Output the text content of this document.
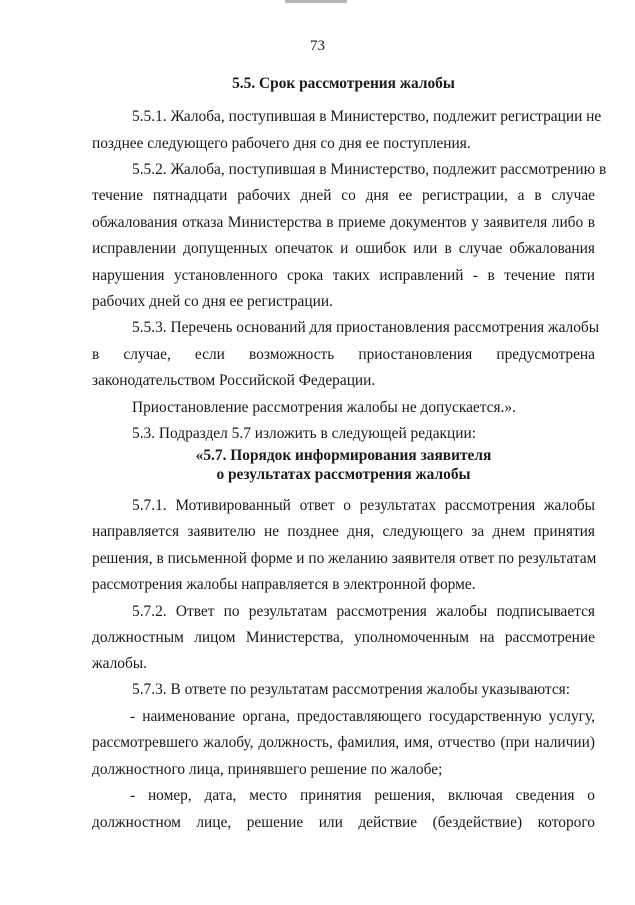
73
5.5. Срок рассмотрения жалобы
5.5.1. Жалоба, поступившая в Министерство, подлежит регистрации не
позднее следующего рабочего дня со дня ее поступления.
5.5.2. Жалоба, поступившая в Министерство, подлежит рассмотрению в
течение пятнадцати рабочих дней со дня ее регистрации, а в случае
обжалования отказа Министерства в приеме документов у заявителя либо в
исправлении допущенных опечаток и ошибок или в случае обжалования
нарушения установленного срока таких исправлений - в течение пяти
рабочих дней со дня ее регистрации.
5.5.3. Перечень оснований для приостановления рассмотрения жалобы
в случае, если возможность приостановления предусмотрена
законодательством Российской Федерации.
Приостановление рассмотрения жалобы не допускается.».
5.3. Подраздел 5.7 изложить в следующей редакции:
«5.7. Порядок информирования заявителя
о результатах рассмотрения жалобы
5.7.1. Мотивированный ответ о результатах рассмотрения жалобы
направляется заявителю не позднее дня, следующего за днем принятия
решения, в письменной форме и по желанию заявителя ответ по результатам
рассмотрения жалобы направляется в электронной форме.
5.7.2. Ответ по результатам рассмотрения жалобы подписывается
должностным лицом Министерства, уполномоченным на рассмотрение
жалобы.
5.7.3. В ответе по результатам рассмотрения жалобы указываются:
- наименование органа, предоставляющего государственную услугу,
рассмотревшего жалобу, должность, фамилия, имя, отчество (при наличии)
должностного лица, принявшего решение по жалобе;
- номер, дата, место принятия решения, включая сведения о
должностном лице, решение или действие (бездействие) которого
